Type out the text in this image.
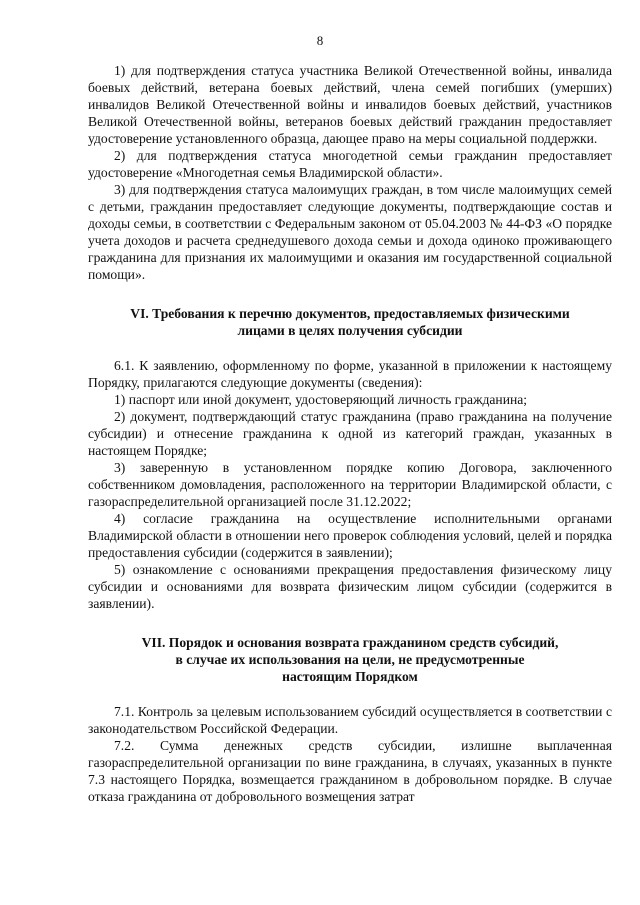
8

1) для подтверждения статуса участника Великой Отечественной войны, инвалида боевых действий, ветерана боевых действий, члена семей погибших (умерших) инвалидов Великой Отечественной войны и инвалидов боевых действий, участников Великой Отечественной войны, ветеранов боевых действий гражданин предоставляет удостоверение установленного образца, дающее право на меры социальной поддержки.

2) для подтверждения статуса многодетной семьи гражданин предоставляет удостоверение «Многодетная семья Владимирской области».

3) для подтверждения статуса малоимущих граждан, в том числе малоимущих семей с детьми, гражданин предоставляет следующие документы, подтверждающие состав и доходы семьи, в соответствии с Федеральным законом от 05.04.2003 № 44-ФЗ «О порядке учета доходов и расчета среднедушевого дохода семьи и дохода одиноко проживающего гражданина для признания их малоимущими и оказания им государственной социальной помощи».

VI. Требования к перечню документов, предоставляемых физическими

лицами в целях получения субсидии

6.1. К заявлению, оформленному по форме, указанной в приложении к настоящему Порядку, прилагаются следующие документы (сведения):

1) паспорт или иной документ, удостоверяющий личность гражданина;

2) документ, подтверждающий статус гражданина (право гражданина на получение субсидии) и отнесение гражданина к одной из категорий граждан, указанных в настоящем Порядке;

3) заверенную в установленном порядке копию Договора, заключенного собственником домовладения, расположенного на территории Владимирской области, с газораспределительной организацией после 31.12.2022;

4) согласие гражданина на осуществление исполнительными органами Владимирской области в отношении него проверок соблюдения условий, целей и порядка предоставления субсидии (содержится в заявлении);

5) ознакомление с основаниями прекращения предоставления физическому лицу субсидии и основаниями для возврата физическим лицом субсидии (содержится в заявлении).

VII. Порядок и основания возврата гражданином средств субсидий,

в случае их использования на цели, не предусмотренные

настоящим Порядком

7.1. Контроль за целевым использованием субсидий осуществляется в соответствии с законодательством Российской Федерации.

7.2. Сумма денежных средств субсидии, излишне выплаченная газораспределительной организации по вине гражданина, в случаях, указанных в пункте 7.3 настоящего Порядка, возмещается гражданином в добровольном порядке. В случае отказа гражданина от добровольного возмещения затрат
